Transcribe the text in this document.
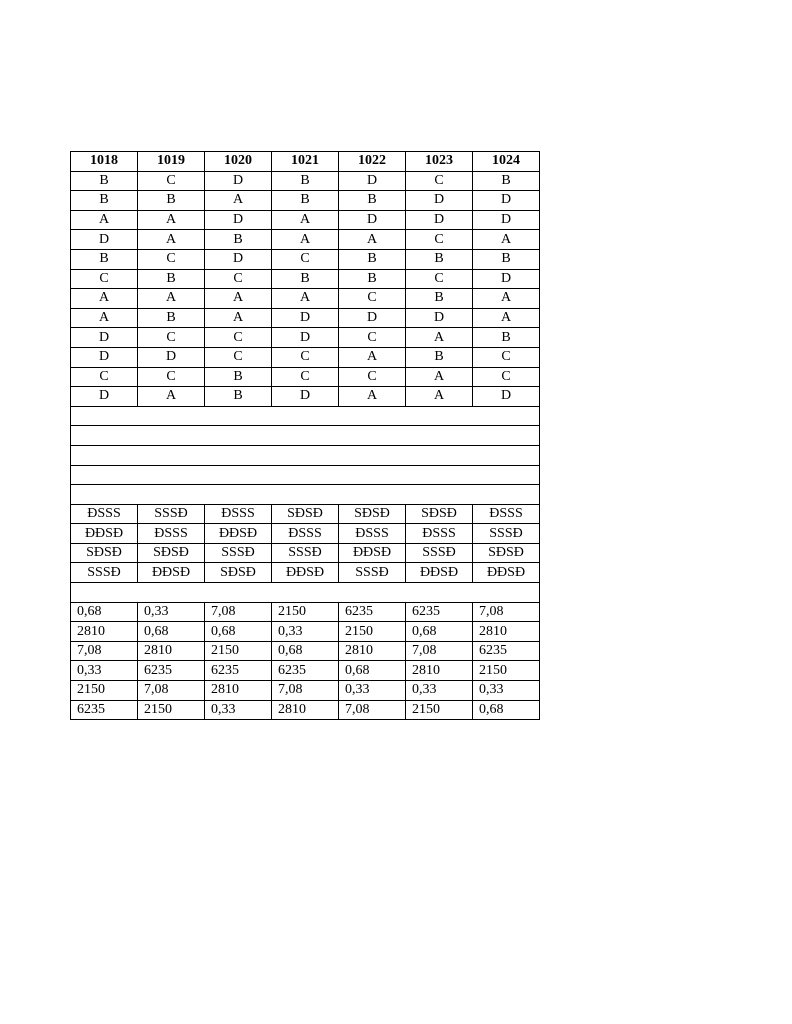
1018	1019	1020	1021	1022	1023	1024
B	C	D	B	D	C	B
B	B	A	B	B	D	D
A	A	D	A	D	D	D
D	A	B	A	A	C	A
B	C	D	C	B	B	B
C	B	C	B	B	C	D
A	A	A	A	C	B	A
A	B	A	D	D	D	A
D	C	C	D	C	A	B
D	D	C	C	A	B	C
C	C	B	C	C	A	C
D	A	B	D	A	A	D

ĐSSS	SSSĐ	ĐSSS	SĐSĐ	SĐSĐ	SĐSĐ	ĐSSS
ĐĐSĐ	ĐSSS	ĐĐSĐ	ĐSSS	ĐSSS	ĐSSS	SSSĐ
SĐSĐ	SĐSĐ	SSSĐ	SSSĐ	ĐĐSĐ	SSSĐ	SĐSĐ
SSSĐ	ĐĐSĐ	SĐSĐ	ĐĐSĐ	SSSĐ	ĐĐSĐ	ĐĐSĐ

0,68	0,33	7,08	2150	6235	6235	7,08
2810	0,68	0,68	0,33	2150	0,68	2810
7,08	2810	2150	0,68	2810	7,08	6235
0,33	6235	6235	6235	0,68	2810	2150
2150	7,08	2810	7,08	0,33	0,33	0,33
6235	2150	0,33	2810	7,08	2150	0,68
